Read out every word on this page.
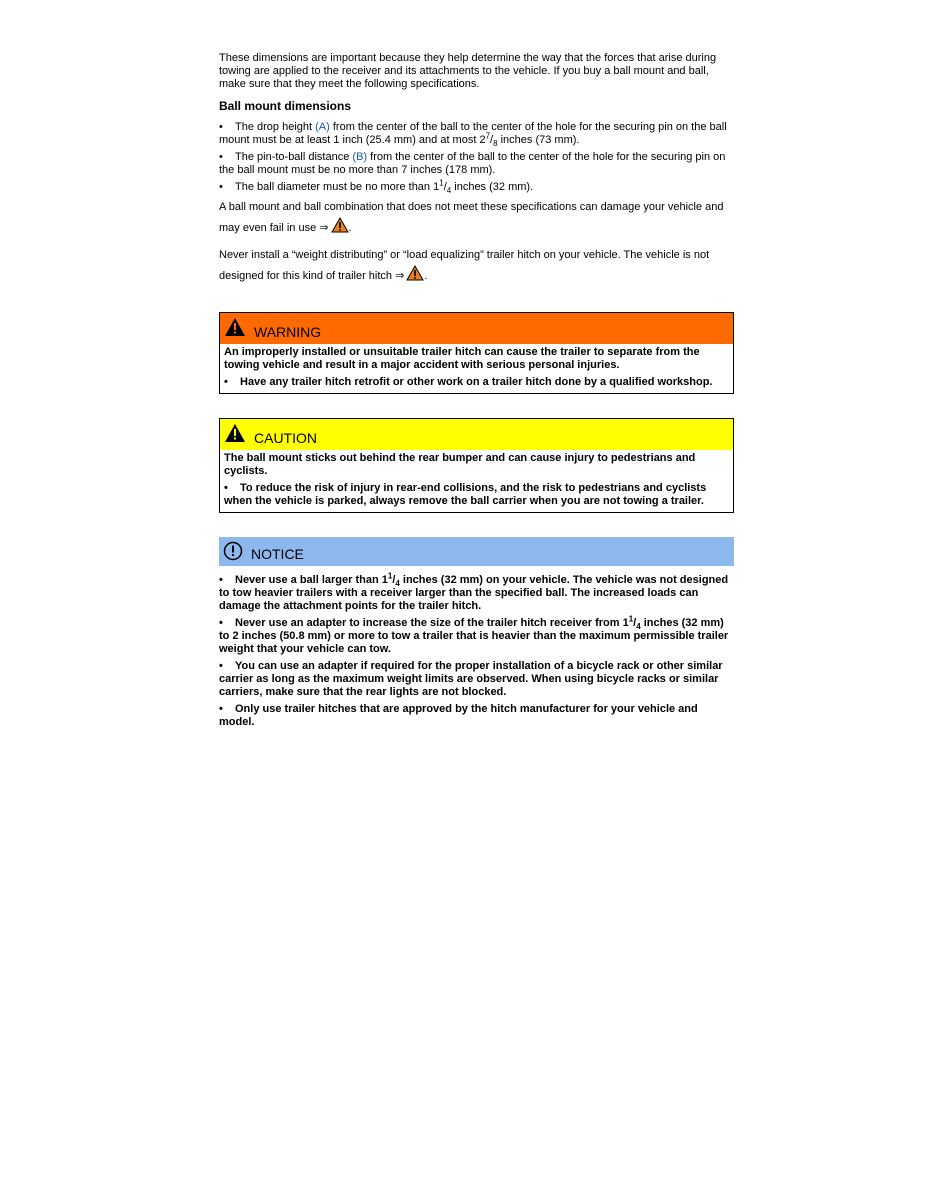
These dimensions are important because they help determine the way that the forces that arise during towing are applied to the receiver and its attachments to the vehicle. If you buy a ball mount and ball, make sure that they meet the following specifications.

Ball mount dimensions
• The drop height (A) from the center of the ball to the center of the hole for the securing pin on the ball mount must be at least 1 inch (25.4 mm) and at most $2^7/_8$ inches (73 mm).
• The pin-to-ball distance (B) from the center of the ball to the center of the hole for the securing pin on the ball mount must be no more than 7 inches (178 mm).
• The ball diameter must be no more than $1^1/_4$ inches (32 mm).

A ball mount and ball combination that does not meet these specifications can damage your vehicle and may even fail in use ⇒ .

Never install a “weight distributing” or “load equalizing” trailer hitch on your vehicle. The vehicle is not designed for this kind of trailer hitch ⇒ .

WARNING

An improperly installed or unsuitable trailer hitch can cause the trailer to separate from the towing vehicle and result in a major accident with serious personal injuries.

• Have any trailer hitch retrofit or other work on a trailer hitch done by a qualified workshop.

CAUTION

The ball mount sticks out behind the rear bumper and can cause injury to pedestrians and cyclists.

• To reduce the risk of injury in rear-end collisions, and the risk to pedestrians and cyclists when the vehicle is parked, always remove the ball carrier when you are not towing a trailer.

NOTICE

• Never use a ball larger than $1^1/_4$ inches (32 mm) on your vehicle. The vehicle was not designed to tow heavier trailers with a receiver larger than the specified ball. The increased loads can damage the attachment points for the trailer hitch.

• Never use an adapter to increase the size of the trailer hitch receiver from $1^1/_4$ inches (32 mm) to 2 inches (50.8 mm) or more to tow a trailer that is heavier than the maximum permissible trailer weight that your vehicle can tow.

• You can use an adapter if required for the proper installation of a bicycle rack or other similar carrier as long as the maximum weight limits are observed. When using bicycle racks or similar carriers, make sure that the rear lights are not blocked.

• Only use trailer hitches that are approved by the hitch manufacturer for your vehicle and model.
